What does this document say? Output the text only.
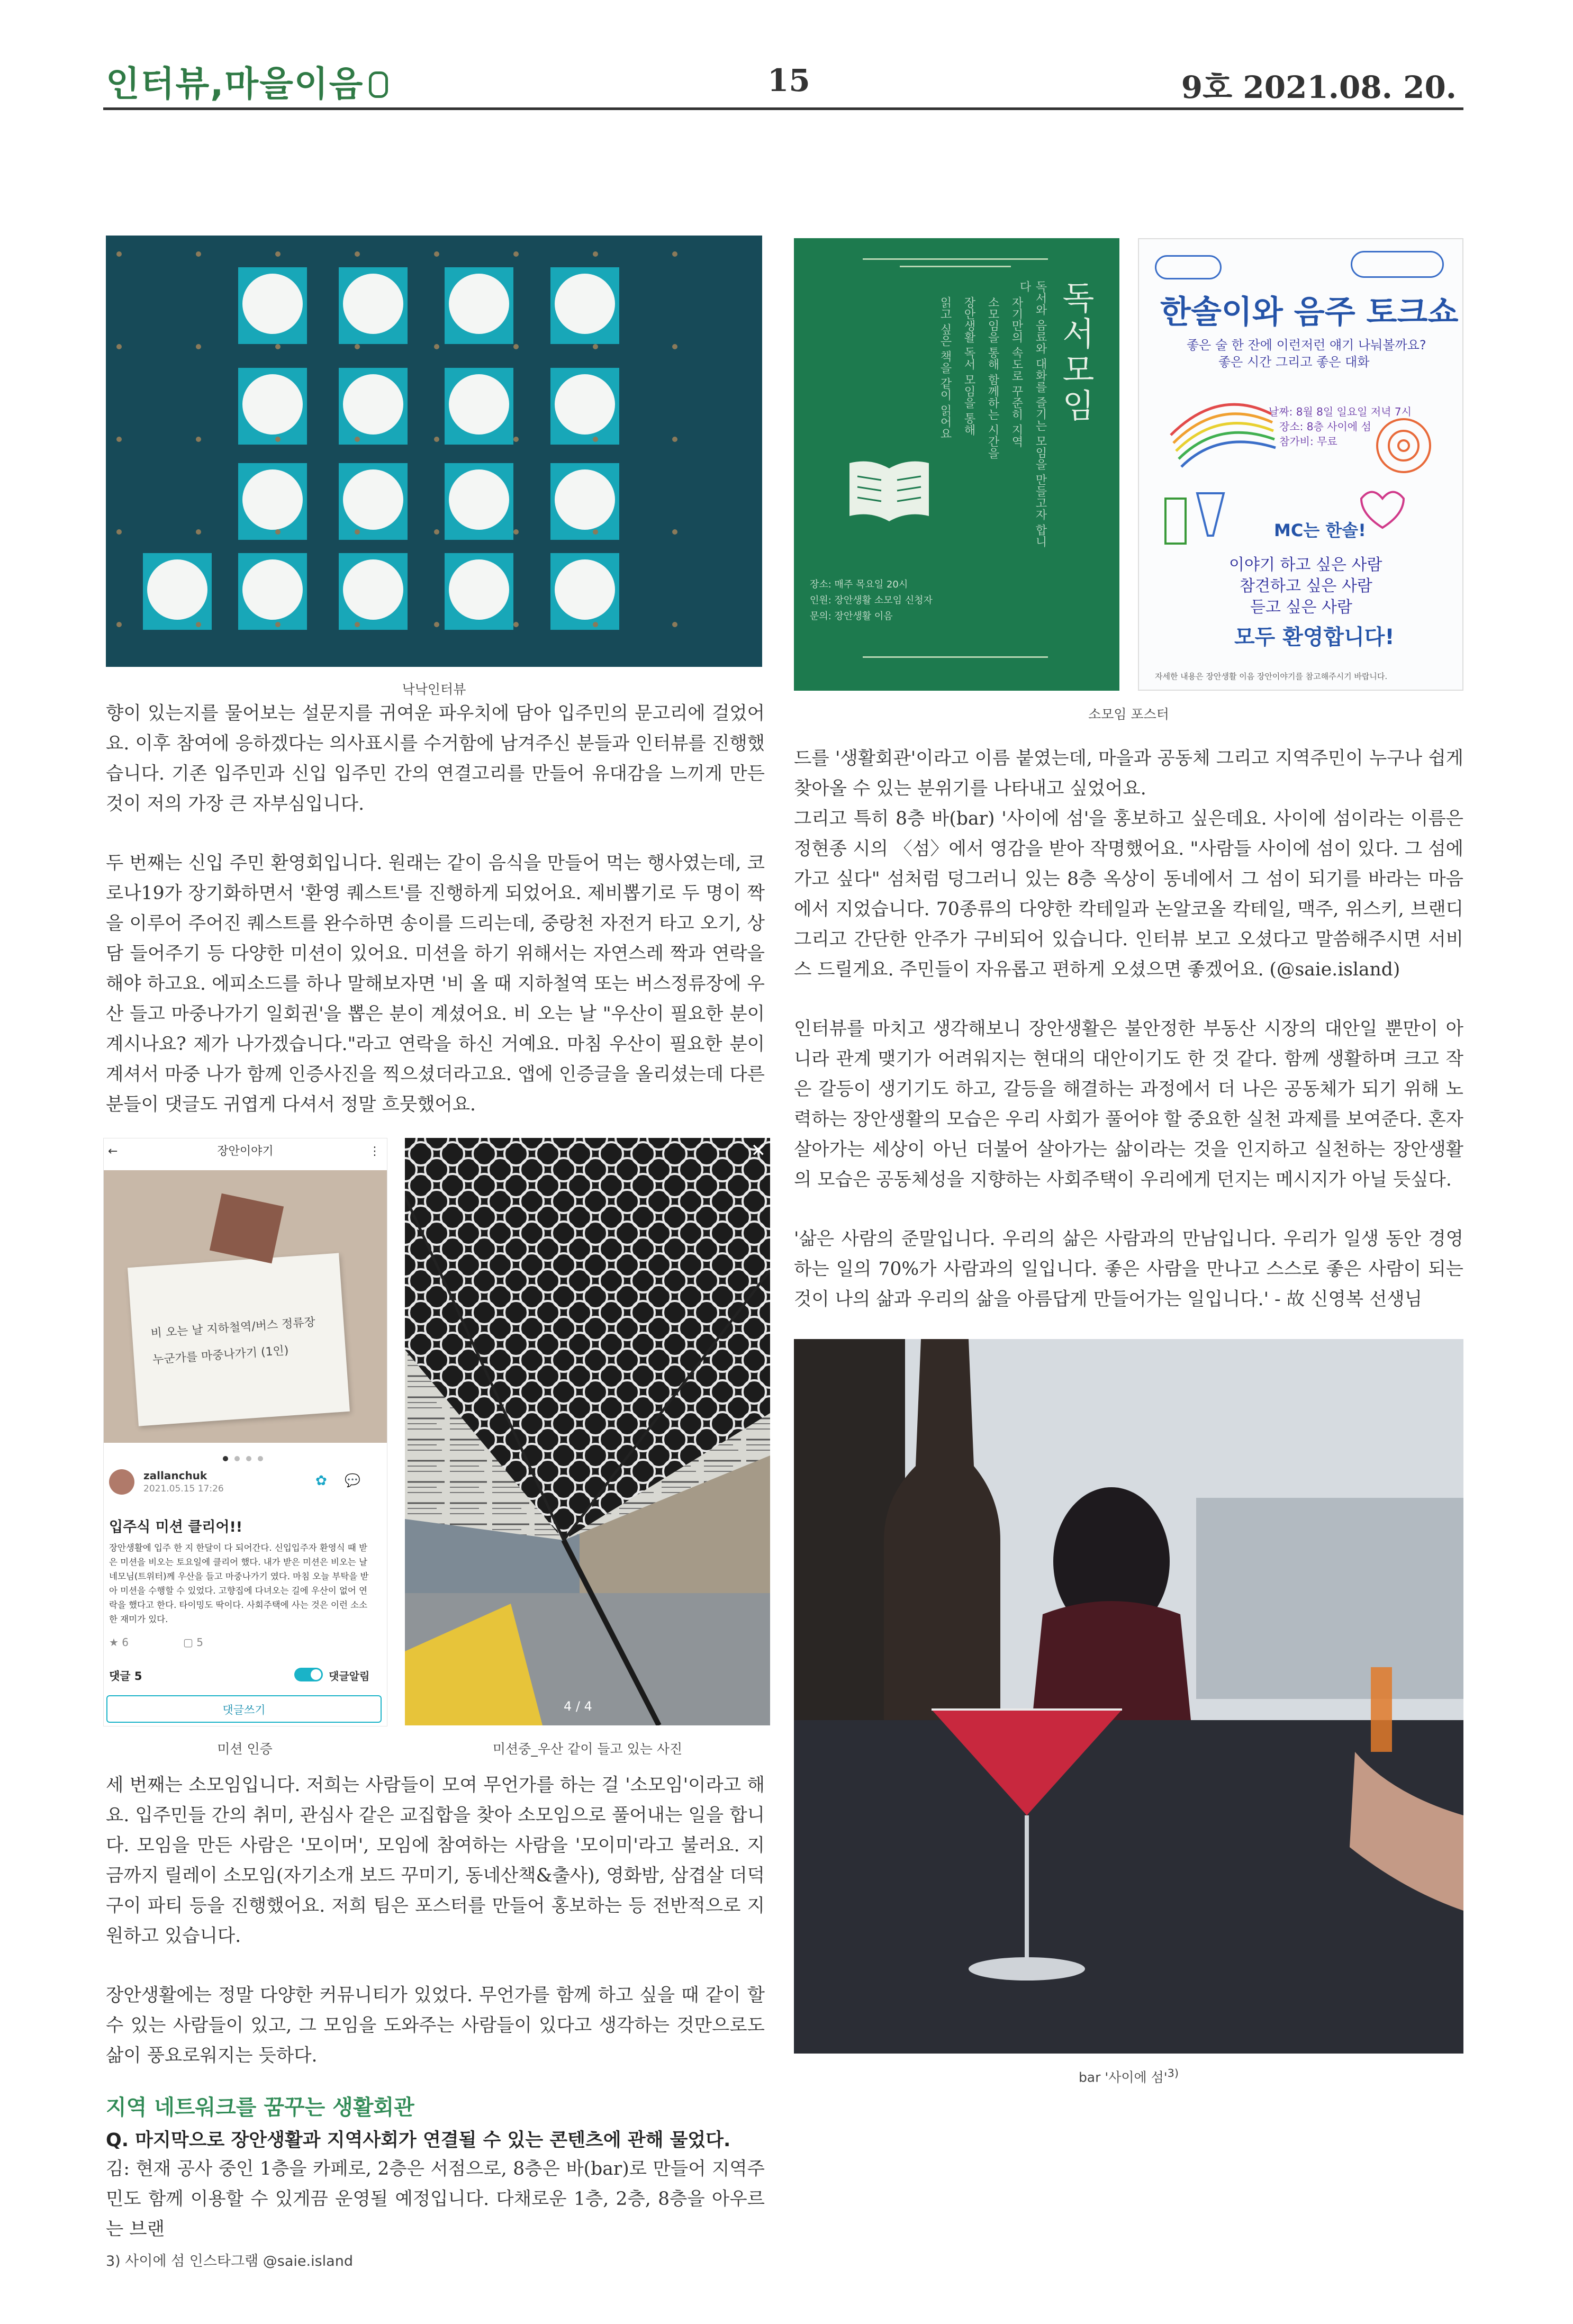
인터뷰,마을이음	15	9호 2021.08. 20.
낙낙인터뷰
독서모임
독서와 음료와 대화를 즐기는 모임을 만들고자 합니다
자기만의 속도로 꾸준히 지역
소모임을 통해 함께하는 시간을
장안생활 독서 모임을 통해
읽고 싶은 책을 같이 읽어요
장소: 매주 목요일 20시
인원: 장안생활 소모임 신청자
문의: 장안생활 이음
한솔이와 음주 토크쇼
좋은 술 한 잔에 이런저런 얘기 나눠볼까요?
좋은 시간 그리고 좋은 대화
날짜: 8월 8일 일요일 저녁 7시
장소: 8층 사이에 섬
참가비: 무료
MC는 한솔!
이야기 하고 싶은 사람
참견하고 싶은 사람
듣고 싶은 사람
모두 환영합니다!
자세한 내용은 장안생활 이음 장안이야기를 참고해주시기 바랍니다.
소모임 포스터

향이 있는지를 물어보는 설문지를 귀여운 파우치에 담아 입주민의 문고리에 걸었어요. 이후 참여에 응하겠다는 의사표시를 수거함에 남겨주신 분들과 인터뷰를 진행했습니다. 기존 입주민과 신입 입주민 간의 연결고리를 만들어 유대감을 느끼게 만든 것이 저의 가장 큰 자부심입니다.

두 번째는 신입 주민 환영회입니다. 원래는 같이 음식을 만들어 먹는 행사였는데, 코로나19가 장기화하면서 '환영 퀘스트'를 진행하게 되었어요. 제비뽑기로 두 명이 짝을 이루어 주어진 퀘스트를 완수하면 송이를 드리는데, 중랑천 자전거 타고 오기, 상담 들어주기 등 다양한 미션이 있어요. 미션을 하기 위해서는 자연스레 짝과 연락을 해야 하고요. 에피소드를 하나 말해보자면 '비 올 때 지하철역 또는 버스정류장에 우산 들고 마중나가기 일회권'을 뽑은 분이 계셨어요. 비 오는 날 "우산이 필요한 분이 계시나요? 제가 나가겠습니다."라고 연락을 하신 거예요. 마침 우산이 필요한 분이 계셔서 마중 나가 함께 인증사진을 찍으셨더라고요. 앱에 인증글을 올리셨는데 다른 분들이 댓글도 귀엽게 다셔서 정말 흐뭇했어요.

←	장안이야기	⋮
비 오는 날 지하철역/버스 정류장
누군가를 마중나가기 (1인)
zallanchuk
2021.05.15 17:26	✿ 💬
입주식 미션 클리어!!
장안생활에 입주 한 지 한달이 다 되어간다. 신입입주자 환영식 때 받은 미션을 비오는 토요일에 클리어 했다. 내가 받은 미션은 비오는 날 네모님(트위터)께 우산을 들고 마중나가기 였다. 마침 오늘 부탁을 받아 미션을 수행할 수 있었다. 고향집에 다녀오는 길에 우산이 없어 연락을 했다고 한다. 타이밍도 딱이다. 사회주택에 사는 것은 이런 소소한 재미가 있다.
★ 6	▢ 5
댓글 5	댓글알림
댓글쓰기
미션 인증
✕
4 / 4
미션중_우산 같이 들고 있는 사진

세 번째는 소모임입니다. 저희는 사람들이 모여 무언가를 하는 걸 '소모임'이라고 해요. 입주민들 간의 취미, 관심사 같은 교집합을 찾아 소모임으로 풀어내는 일을 합니다. 모임을 만든 사람은 '모이머', 모임에 참여하는 사람을 '모이미'라고 불러요. 지금까지 릴레이 소모임(자기소개 보드 꾸미기, 동네산책&출사), 영화밤, 삼겹살 더덕구이 파티 등을 진행했어요. 저희 팀은 포스터를 만들어 홍보하는 등 전반적으로 지원하고 있습니다.

장안생활에는 정말 다양한 커뮤니티가 있었다. 무언가를 함께 하고 싶을 때 같이 할 수 있는 사람들이 있고, 그 모임을 도와주는 사람들이 있다고 생각하는 것만으로도 삶이 풍요로워지는 듯하다.

지역 네트워크를 꿈꾸는 생활회관
Q. 마지막으로 장안생활과 지역사회가 연결될 수 있는 콘텐츠에 관해 물었다.

김: 현재 공사 중인 1층을 카페로, 2층은 서점으로, 8층은 바(bar)로 만들어 지역주민도 함께 이용할 수 있게끔 운영될 예정입니다. 다채로운 1층, 2층, 8층을 아우르는 브랜

드를 '생활회관'이라고 이름 붙였는데, 마을과 공동체 그리고 지역주민이 누구나 쉽게 찾아올 수 있는 분위기를 나타내고 싶었어요.

그리고 특히 8층 바(bar) '사이에 섬'을 홍보하고 싶은데요. 사이에 섬이라는 이름은 정현종 시의 〈섬〉에서 영감을 받아 작명했어요. "사람들 사이에 섬이 있다. 그 섬에 가고 싶다" 섬처럼 덩그러니 있는 8층 옥상이 동네에서 그 섬이 되기를 바라는 마음에서 지었습니다. 70종류의 다양한 칵테일과 논알코올 칵테일, 맥주, 위스키, 브랜디 그리고 간단한 안주가 구비되어 있습니다. 인터뷰 보고 오셨다고 말씀해주시면 서비스 드릴게요. 주민들이 자유롭고 편하게 오셨으면 좋겠어요. (@saie.island)

인터뷰를 마치고 생각해보니 장안생활은 불안정한 부동산 시장의 대안일 뿐만이 아니라 관계 맺기가 어려워지는 현대의 대안이기도 한 것 같다. 함께 생활하며 크고 작은 갈등이 생기기도 하고, 갈등을 해결하는 과정에서 더 나은 공동체가 되기 위해 노력하는 장안생활의 모습은 우리 사회가 풀어야 할 중요한 실천 과제를 보여준다. 혼자 살아가는 세상이 아닌 더불어 살아가는 삶이라는 것을 인지하고 실천하는 장안생활의 모습은 공동체성을 지향하는 사회주택이 우리에게 던지는 메시지가 아닐 듯싶다.

'삶은 사람의 준말입니다. 우리의 삶은 사람과의 만남입니다. 우리가 일생 동안 경영하는 일의 70%가 사람과의 일입니다. 좋은 사람을 만나고 스스로 좋은 사람이 되는 것이 나의 삶과 우리의 삶을 아름답게 만들어가는 일입니다.' - 故 신영복 선생님

bar '사이에 섬'$^{3)}$
3) 사이에 섬 인스타그램 @saie.island
